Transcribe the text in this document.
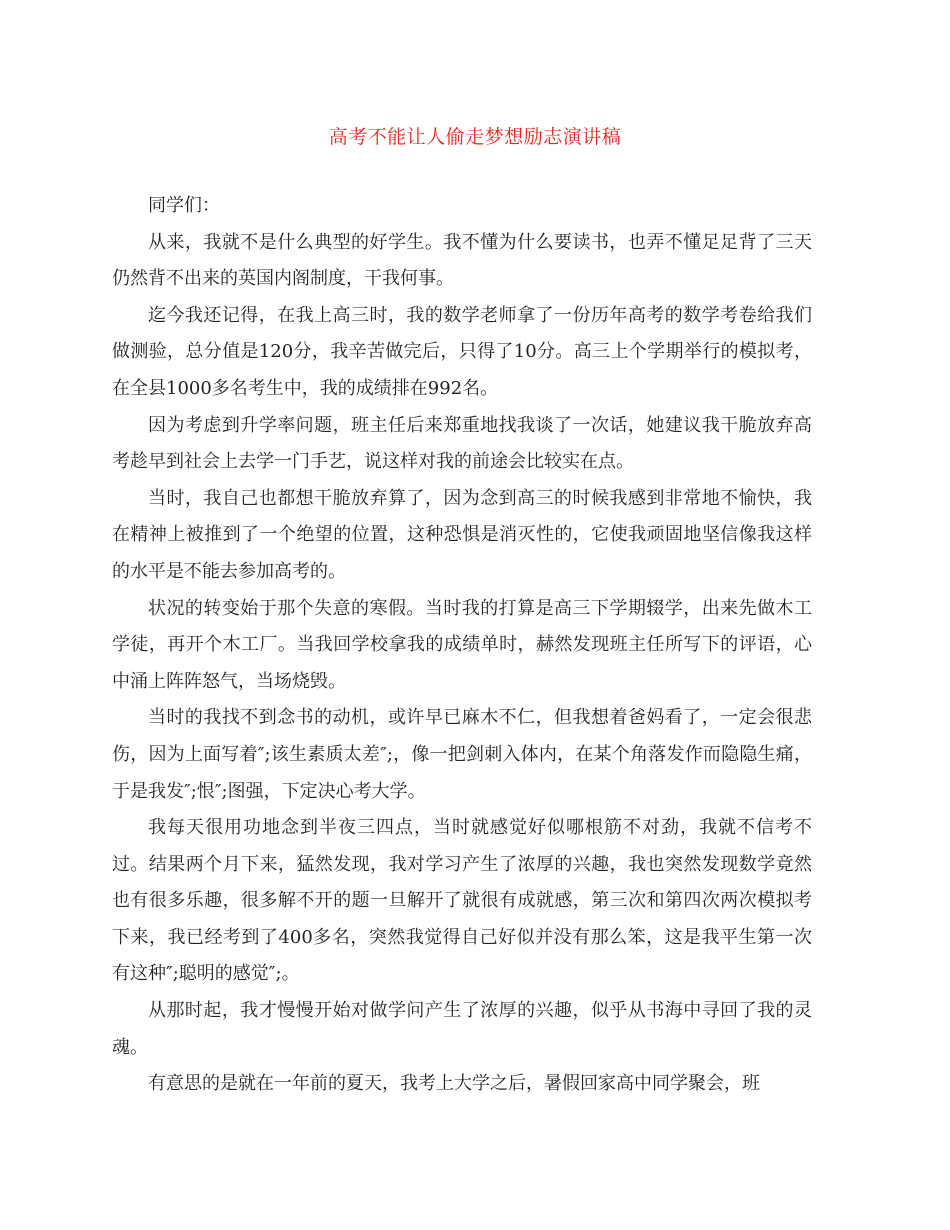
高考不能让人偷走梦想励志演讲稿

同学们：

从来，我就不是什么典型的好学生。我不懂为什么要读书，也弄不懂足足背了三天仍然背不出来的英国内阁制度，干我何事。

迄今我还记得，在我上高三时，我的数学老师拿了一份历年高考的数学考卷给我们做测验，总分值是120分，我辛苦做完后，只得了10分。高三上个学期举行的模拟考，在全县1000多名考生中，我的成绩排在992名。

因为考虑到升学率问题，班主任后来郑重地找我谈了一次话，她建议我干脆放弃高考趁早到社会上去学一门手艺，说这样对我的前途会比较实在点。

当时，我自己也都想干脆放弃算了，因为念到高三的时候我感到非常地不愉快，我在精神上被推到了一个绝望的位置，这种恐惧是消灭性的，它使我顽固地坚信像我这样的水平是不能去参加高考的。

状况的转变始于那个失意的寒假。当时我的打算是高三下学期辍学，出来先做木工学徒，再开个木工厂。当我回学校拿我的成绩单时，赫然发现班主任所写下的评语，心中涌上阵阵怒气，当场烧毁。

当时的我找不到念书的动机，或许早已麻木不仁，但我想着爸妈看了，一定会很悲伤，因为上面写着″;该生素质太差″;，像一把剑刺入体内，在某个角落发作而隐隐生痛，于是我发″;恨″;图强，下定决心考大学。

我每天很用功地念到半夜三四点，当时就感觉好似哪根筋不对劲，我就不信考不过。结果两个月下来，猛然发现，我对学习产生了浓厚的兴趣，我也突然发现数学竟然也有很多乐趣，很多解不开的题一旦解开了就很有成就感，第三次和第四次两次模拟考下来，我已经考到了400多名，突然我觉得自己好似并没有那么笨，这是我平生第一次有这种″;聪明的感觉″;。

从那时起，我才慢慢开始对做学问产生了浓厚的兴趣，似乎从书海中寻回了我的灵魂。

有意思的是就在一年前的夏天，我考上大学之后，暑假回家高中同学聚会，班
